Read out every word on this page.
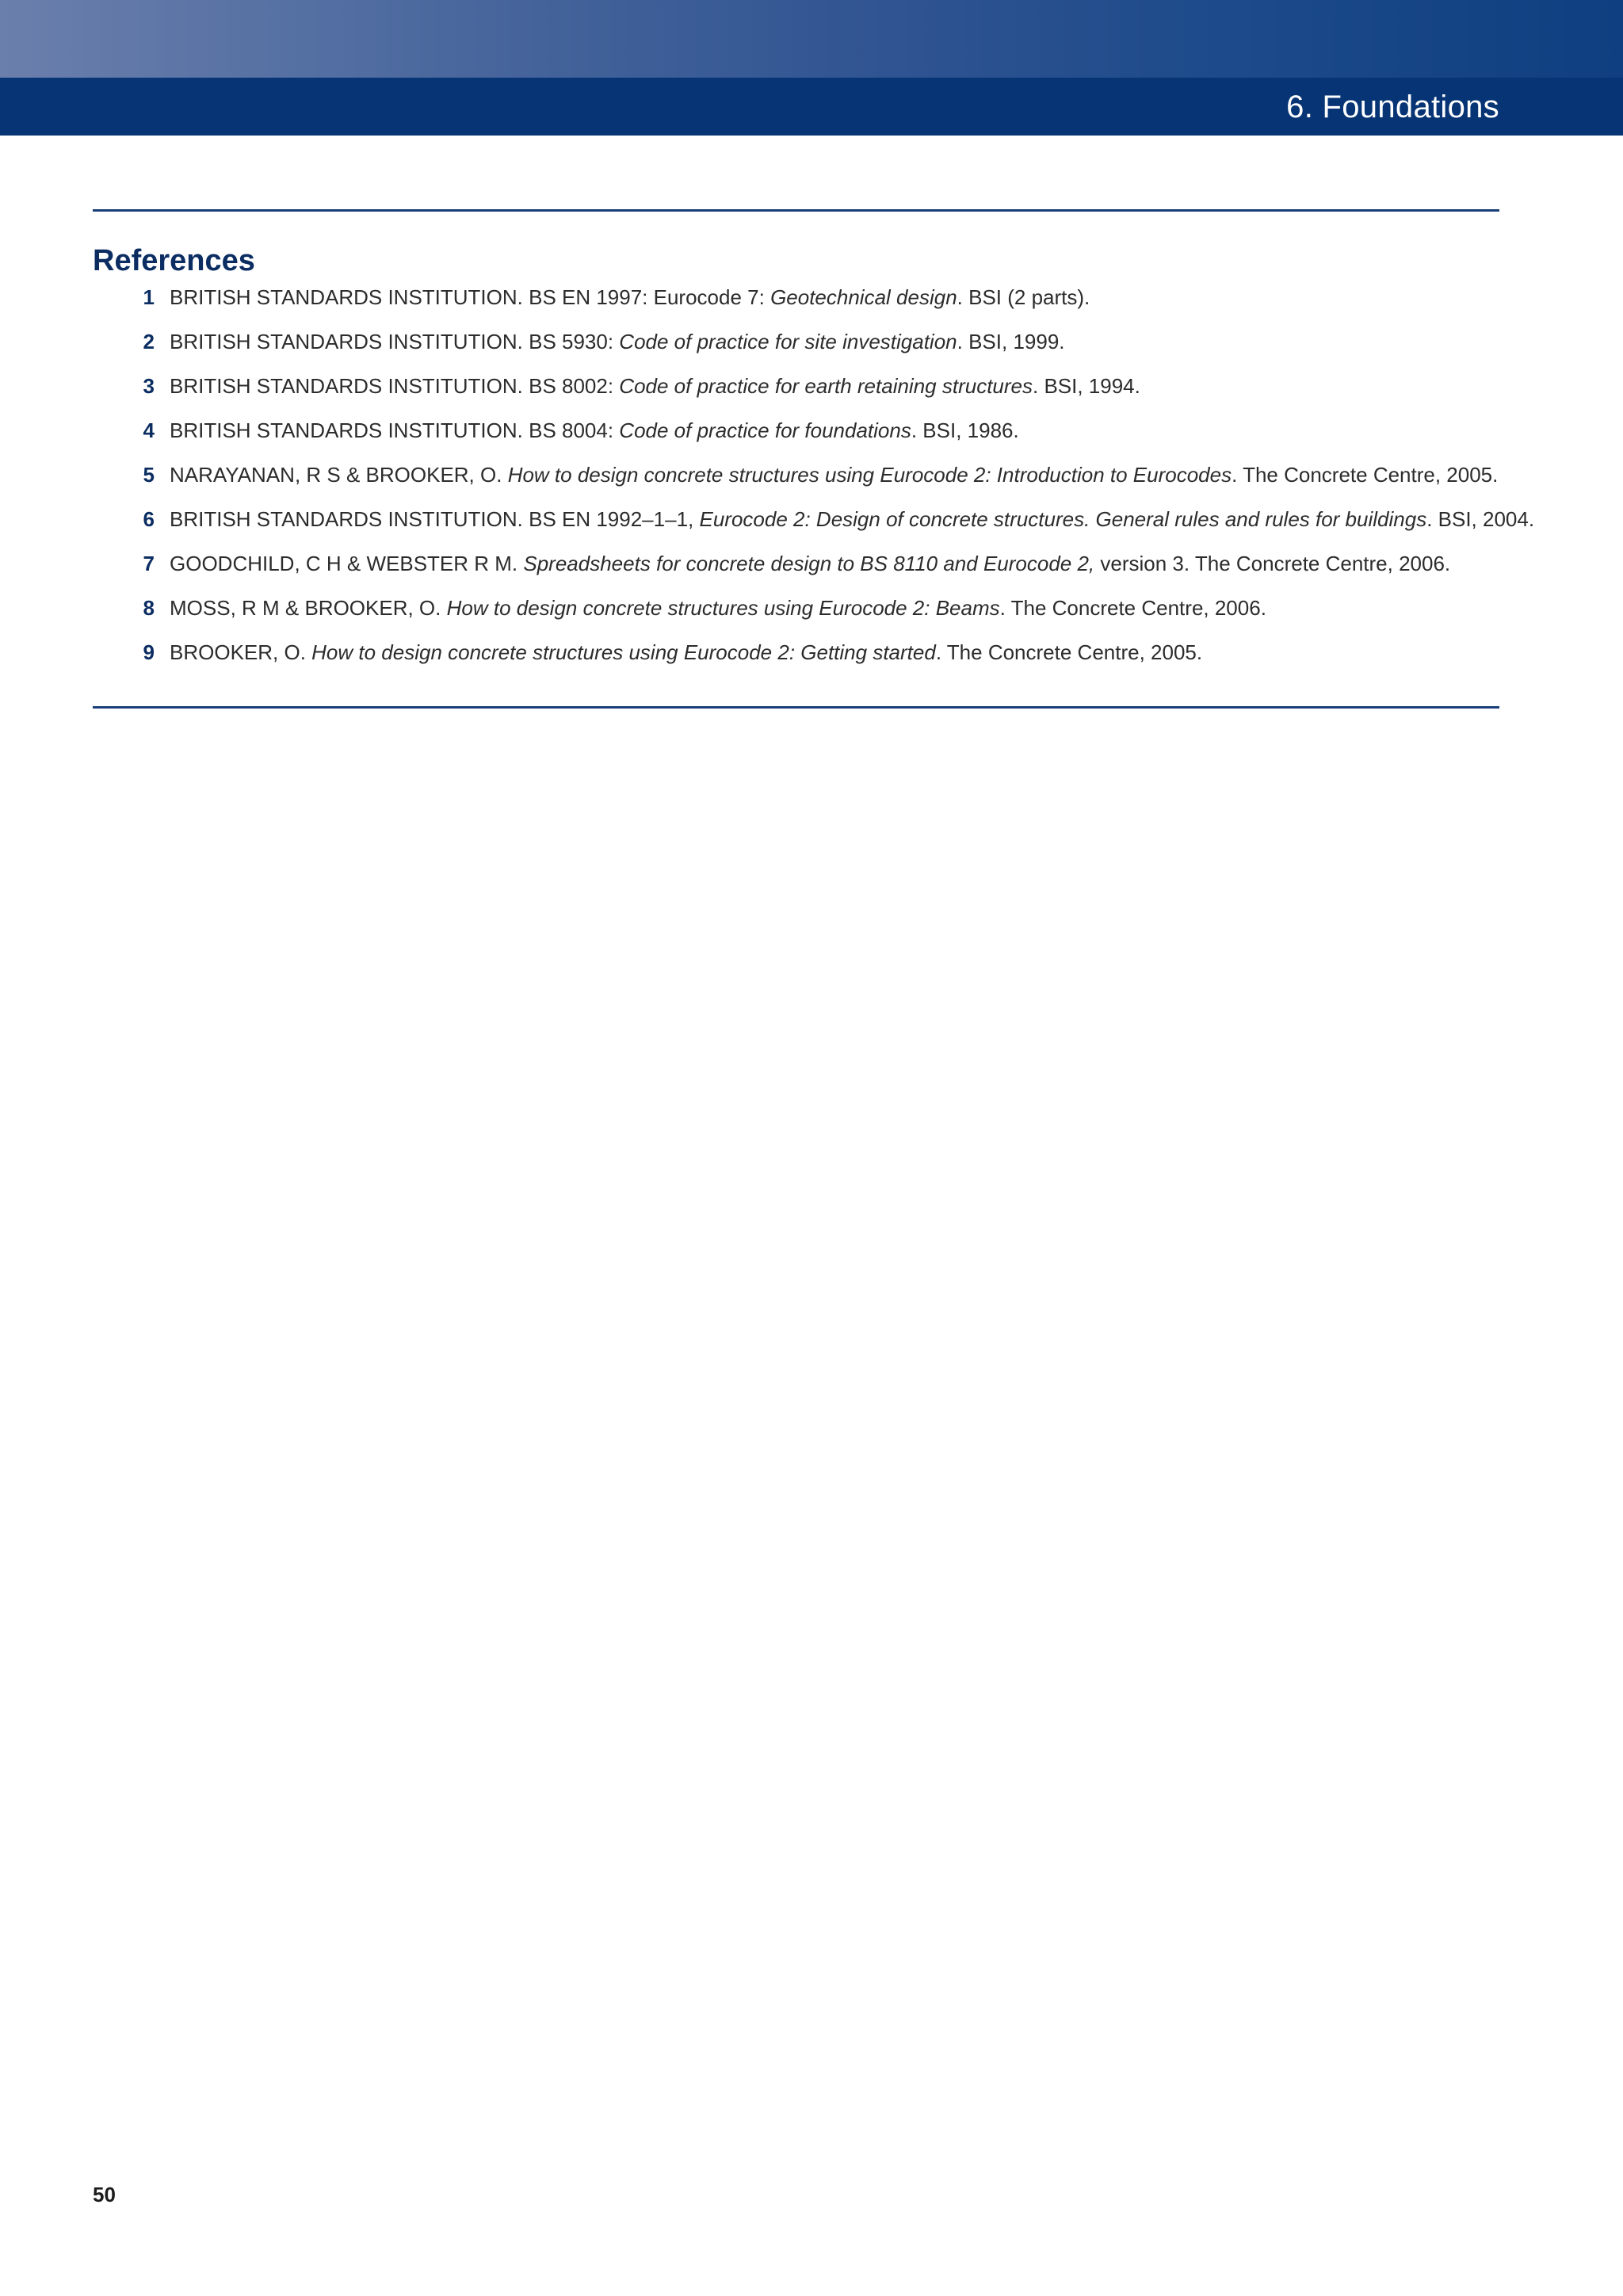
6. Foundations
References
1 BRITISH STANDARDS INSTITUTION. BS EN 1997: Eurocode 7: Geotechnical design. BSI (2 parts).
2 BRITISH STANDARDS INSTITUTION. BS 5930: Code of practice for site investigation. BSI, 1999.
3 BRITISH STANDARDS INSTITUTION. BS 8002: Code of practice for earth retaining structures. BSI, 1994.
4 BRITISH STANDARDS INSTITUTION. BS 8004: Code of practice for foundations. BSI, 1986.
5 NARAYANAN, R S & BROOKER, O. How to design concrete structures using Eurocode 2: Introduction to Eurocodes. The Concrete Centre, 2005.
6 BRITISH STANDARDS INSTITUTION. BS EN 1992–1–1, Eurocode 2: Design of concrete structures. General rules and rules for buildings. BSI, 2004.
7 GOODCHILD, C H & WEBSTER R M. Spreadsheets for concrete design to BS 8110 and Eurocode 2, version 3. The Concrete Centre, 2006.
8 MOSS, R M & BROOKER, O. How to design concrete structures using Eurocode 2: Beams. The Concrete Centre, 2006.
9 BROOKER, O. How to design concrete structures using Eurocode 2: Getting started. The Concrete Centre, 2005.
50
